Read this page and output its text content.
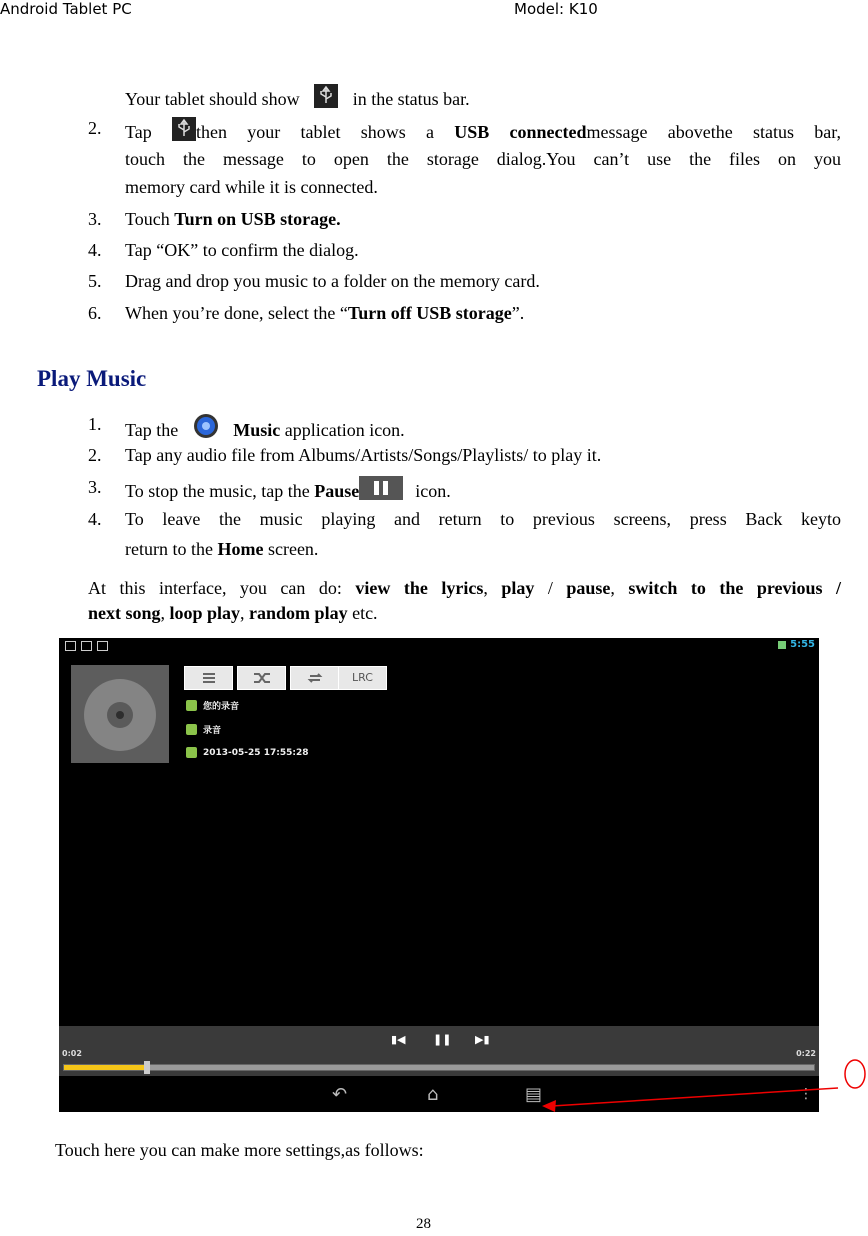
Android Tablet PC	Model: K10
Your tablet should show	in the status bar.
2. Tap then your tablet shows a USB connectedmessage abovethe status bar,
touch the message to open the storage dialog.You can’t use the files on you
memory card while it is connected.
3. Touch Turn on USB storage.
4. Tap “OK” to confirm the dialog.
5. Drag and drop you music to a folder on the memory card.
6. When you’re done, select the “Turn off USB storage”.
Play Music
1. Tap the	Music application icon.
2. Tap any audio file from Albums/Artists/Songs/Playlists/ to play it.
3. To stop the music, tap the Pause	icon.
4. To leave the music playing and return to previous screens, press Back keyto
return to the Home screen.
At this interface, you can do: view the lyrics, play / pause, switch to the previous /
next song, loop play, random play etc.
5:55
LRC
您的录音
录音
2013-05-25 17:55:28
▮◀ ❚❚ ▶▮
0:02	0:22
↶	⌂	▤	⋮
Touch here you can make more settings,as follows:
28
